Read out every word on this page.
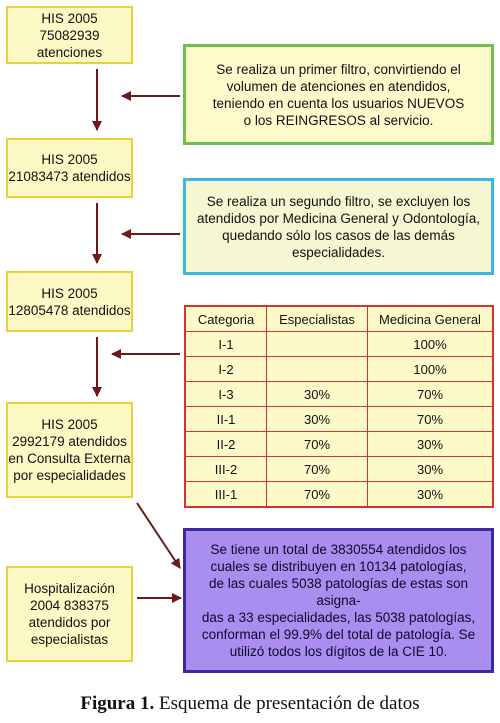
HIS 2005
75082939 atenciones
Se realiza un primer filtro, convirtiendo el
volumen de atenciones en atendidos,
teniendo en cuenta los usuarios NUEVOS
o los REINGRESOS al servicio.
HIS 2005
21083473 atendidos
Se realiza un segundo filtro, se excluyen los
atendidos por Medicina General y Odontología,
quedando sólo los casos de las demás
especialidades.
HIS 2005
12805478 atendidos
Categoria	Especialistas	Medicina General
I-1		100%
I-2		100%
I-3	30%	70%
II-1	30%	70%
II-2	70%	30%
III-2	70%	30%
III-1	70%	30%
HIS 2005
2992179 atendidos
en Consulta Externa
por especialidades
Se tiene un total de 3830554 atendidos los
cuales se distribuyen en 10134 patologías,
de las cuales 5038 patologías de estas son asigna-
das a 33 especialidades, las 5038 patologías,
conforman el 99.9% del total de patología. Se
utilizó todos los dígitos de la CIE 10.
Hospitalización
2004 838375
atendidos por
especialistas
Figura 1. Esquema de presentación de datos
